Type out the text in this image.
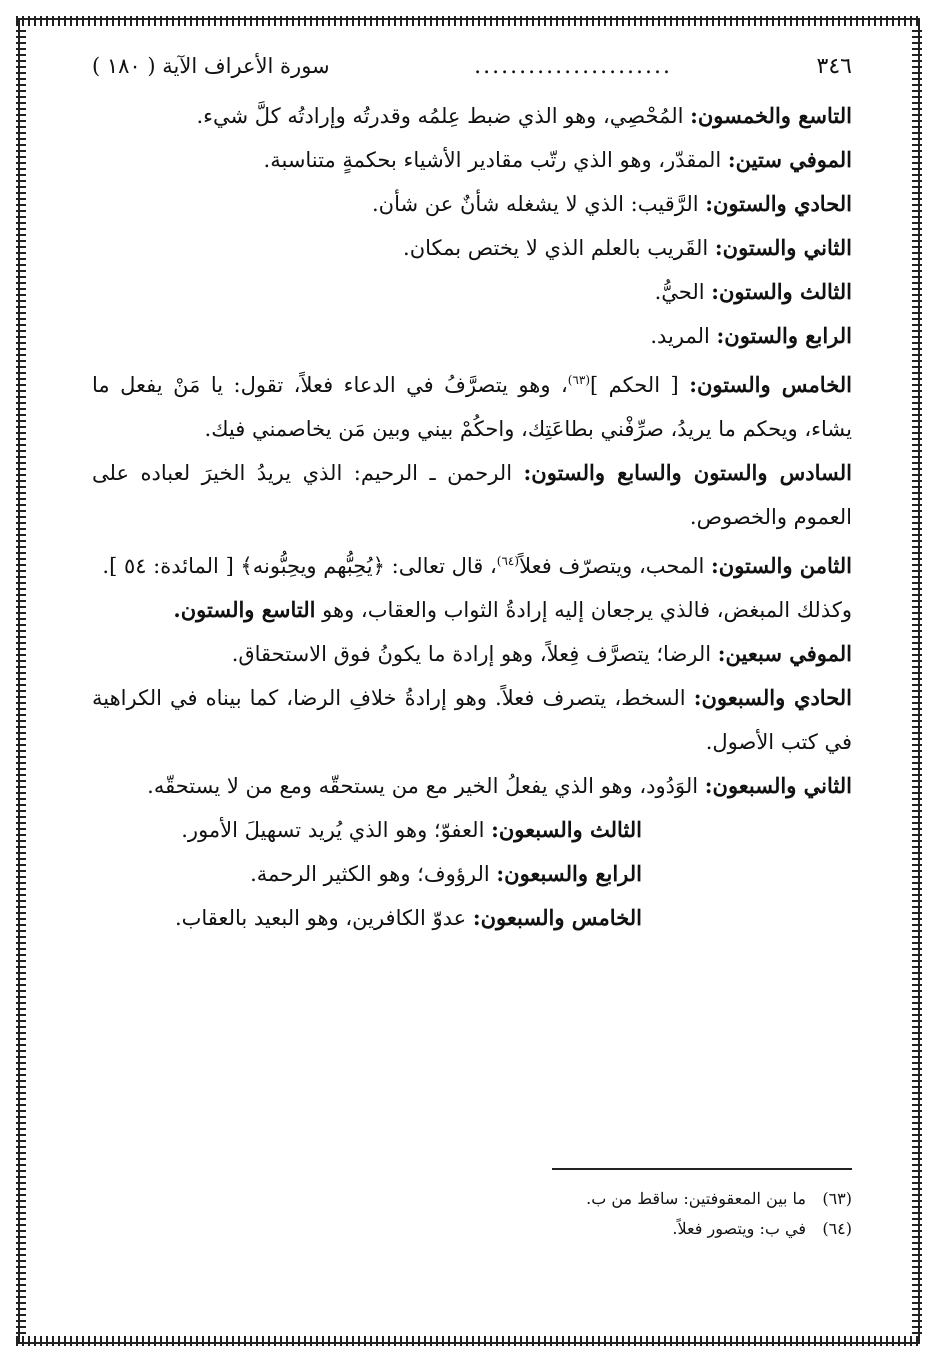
٣٤٦
......................
سورة الأعراف الآية ( ١٨٠ )

التاسع والخمسون: المُحْصِي، وهو الذي ضبط عِلمُه وقدرتُه وإرادتُه كلَّ شيء.

الموفي ستين: المقدّر، وهو الذي رتّب مقادير الأشياء بحكمةٍ متناسبة.

الحادي والستون: الرَّقيب: الذي لا يشغله شأنٌ عن شأن.

الثاني والستون: القَريب بالعلم الذي لا يختص بمكان.

الثالث والستون: الحيُّ.

الرابع والستون: المريد.

الخامس والستون: [ الحكم ]$^{(٦٣)}$، وهو يتصرَّفُ في الدعاء فعلاً، تقول: يا مَنْ يفعل ما يشاء، ويحكم ما يريدُ، صرِّفْني بطاعَتِك، واحكُمْ بيني وبين مَن يخاصمني فيك.

السادس والستون والسابع والستون: الرحمن ـ الرحيم: الذي يريدُ الخيرَ لعباده على العموم والخصوص.

الثامن والستون: المحب، ويتصرّف فعلاً$^{(٦٤)}$، قال تعالى: ﴿يُحِبُّهم ويحِبُّونه﴾ [ المائدة: ٥٤ ].

وكذلك المبغض، فالذي يرجعان إليه إرادةُ الثواب والعقاب، وهو التاسع والستون.

الموفي سبعين: الرضا؛ يتصرَّف فِعلاً، وهو إرادة ما يكونُ فوق الاستحقاق.

الحادي والسبعون: السخط، يتصرف فعلاً. وهو إرادةُ خلافِ الرضا، كما بيناه في الكراهية في كتب الأصول.

الثاني والسبعون: الوَدُود، وهو الذي يفعلُ الخير مع من يستحقّه ومع من لا يستحقّه.

الثالث والسبعون: العفوّ؛ وهو الذي يُريد تسهيلَ الأمور.

الرابع والسبعون: الرؤوف؛ وهو الكثير الرحمة.

الخامس والسبعون: عدوّ الكافرين، وهو البعيد بالعقاب.

(٦٣)ما بين المعقوفتين: ساقط من ب.
(٦٤)في ب: ويتصور فعلاً.
